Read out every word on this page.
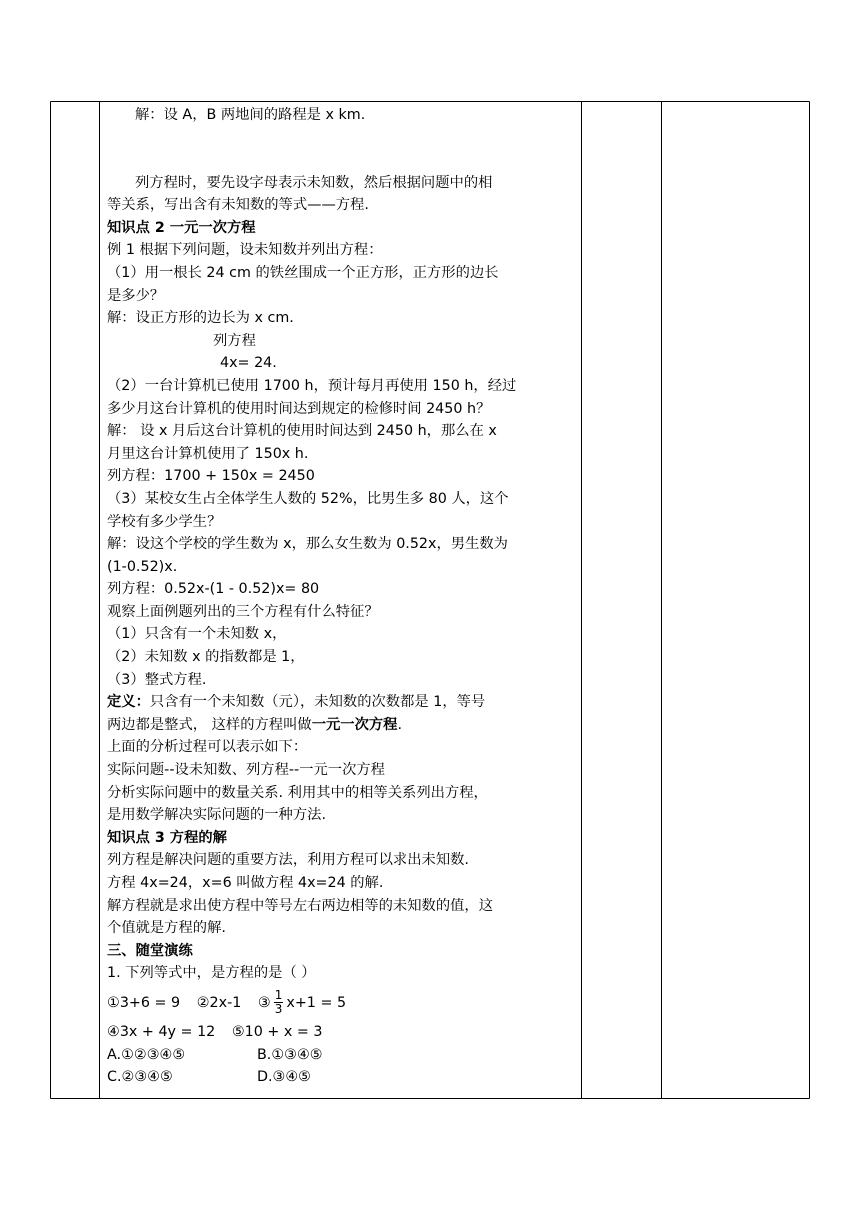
解：设 A，B 两地间的路程是 x km.
列方程时，要先设字母表示未知数，然后根据问题中的相
等关系，写出含有未知数的等式——方程.
知识点 2 一元一次方程
例 1 根据下列问题，设未知数并列出方程：
（1）用一根长 24 cm 的铁丝围成一个正方形，正方形的边长
是多少？
解：设正方形的边长为 x cm.
列方程
4x= 24.
（2）一台计算机已使用 1700 h，预计每月再使用 150 h，经过
多少月这台计算机的使用时间达到规定的检修时间 2450 h？
解： 设 x 月后这台计算机的使用时间达到 2450 h，那么在 x
月里这台计算机使用了 150x h.
列方程：1700 + 150x = 2450
（3）某校女生占全体学生人数的 52%，比男生多 80 人，这个
学校有多少学生？
解：设这个学校的学生数为 x，那么女生数为 0.52x，男生数为
(1-0.52)x.
列方程：0.52x-(1 - 0.52)x= 80
观察上面例题列出的三个方程有什么特征？
（1）只含有一个未知数 x，
（2）未知数 x 的指数都是 1，
（3）整式方程.
定义：只含有一个未知数（元），未知数的次数都是 1，等号
两边都是整式， 这样的方程叫做一元一次方程.
上面的分析过程可以表示如下：
实际问题--设未知数、列方程--一元一次方程
分析实际问题中的数量关系. 利用其中的相等关系列出方程，
是用数学解决实际问题的一种方法.
知识点 3 方程的解
列方程是解决问题的重要方法，利用方程可以求出未知数.
方程 4x=24，x=6 叫做方程 4x=24 的解.
解方程就是求出使方程中等号左右两边相等的未知数的值，这
个值就是方程的解.
三、随堂演练
1. 下列等式中，是方程的是（ ）
①3+6 = 9 ②2x-1 ③ $\frac{1}{3} x+1 = 5$
④3x + 4y = 12 ⑤10 + x = 3
A.①②③④⑤	B.①③④⑤
C.②③④⑤	D.③④⑤
